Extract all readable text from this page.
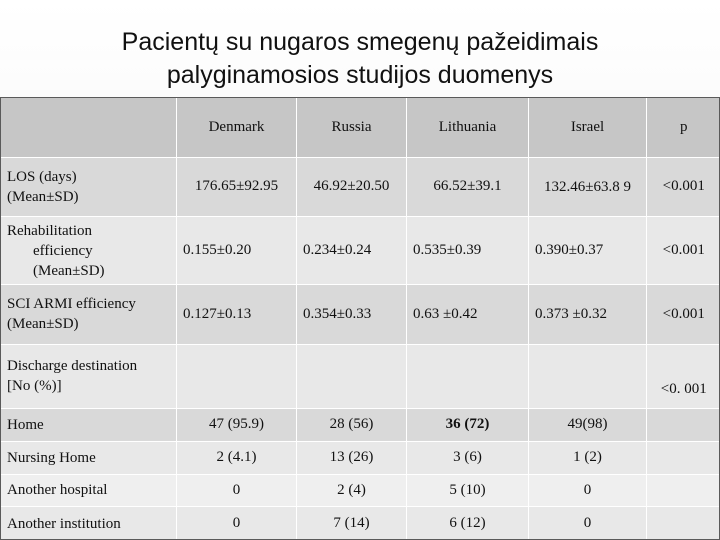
Pacientų su nugaros smegenų pažeidimais
palyginamosios studijos duomenys
	Denmark	Russia	Lithuania	Israel	p
LOS (days)
(Mean±SD)	176.65±92.95	46.92±20.50	66.52±39.1	132.46±63.8 9	<0.001
Rehabilitation

efficiency
(Mean±SD)	0.155±0.20	0.234±0.24	0.535±0.39	0.390±0.37	<0.001
SCI ARMI efficiency
(Mean±SD)	0.127±0.13	0.354±0.33	0.63 ±0.42	0.373 ±0.32	<0.001
Discharge destination
[No (%)]					<0. 001
Home	47 (95.9)	28 (56)	36 (72)	49(98)	
Nursing Home	2 (4.1)	13 (26)	3 (6)	1 (2)	
Another hospital	0	2 (4)	5 (10)	0	
Another institution	0	7 (14)	6 (12)	0	
